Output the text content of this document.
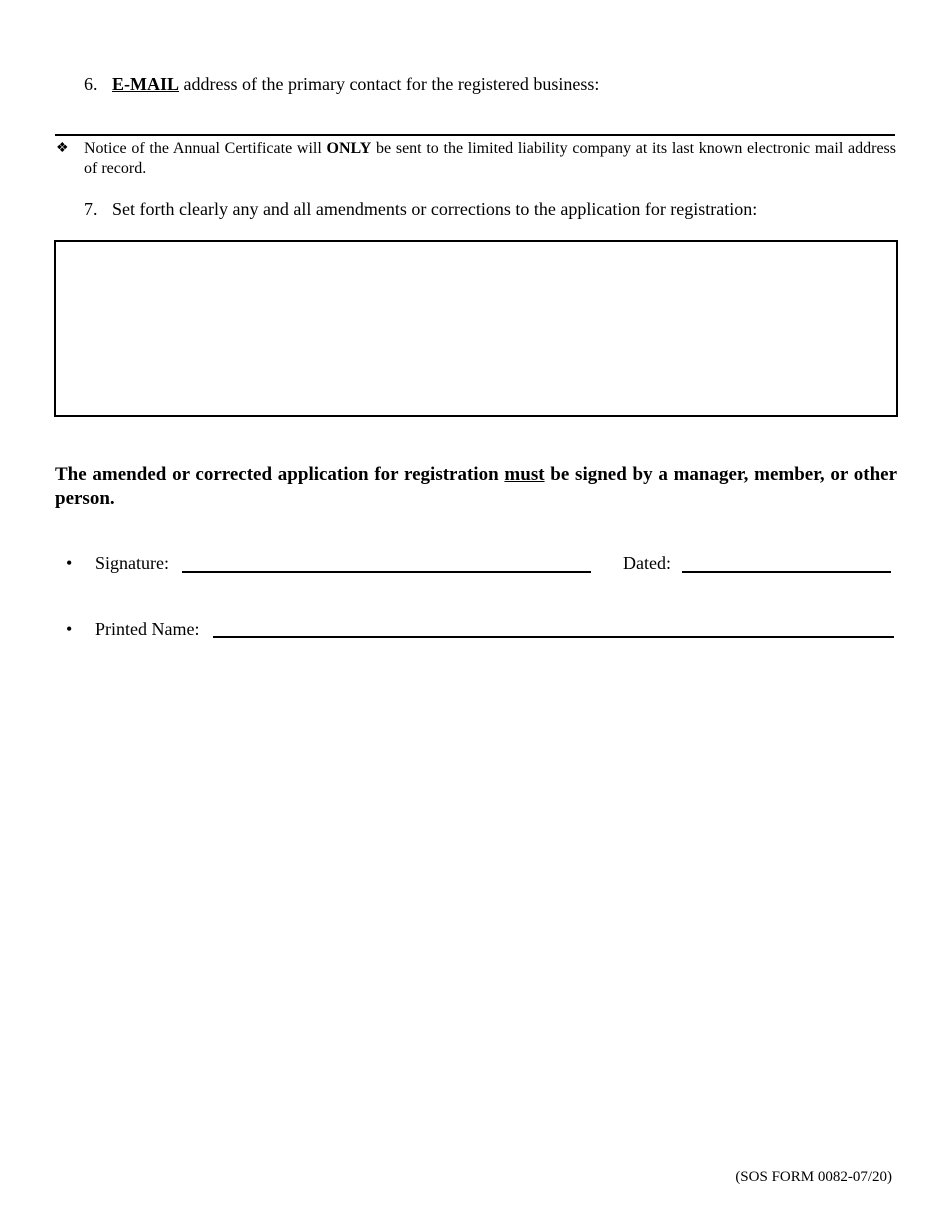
6. E-MAIL address of the primary contact for the registered business:
❖ Notice of the Annual Certificate will ONLY be sent to the limited liability company at its last known electronic mail address of record.
7. Set forth clearly any and all amendments or corrections to the application for registration:
The amended or corrected application for registration must be signed by a manager, member, or other person.
• Signature:	Dated:
• Printed Name:
(SOS FORM 0082-07/20)
